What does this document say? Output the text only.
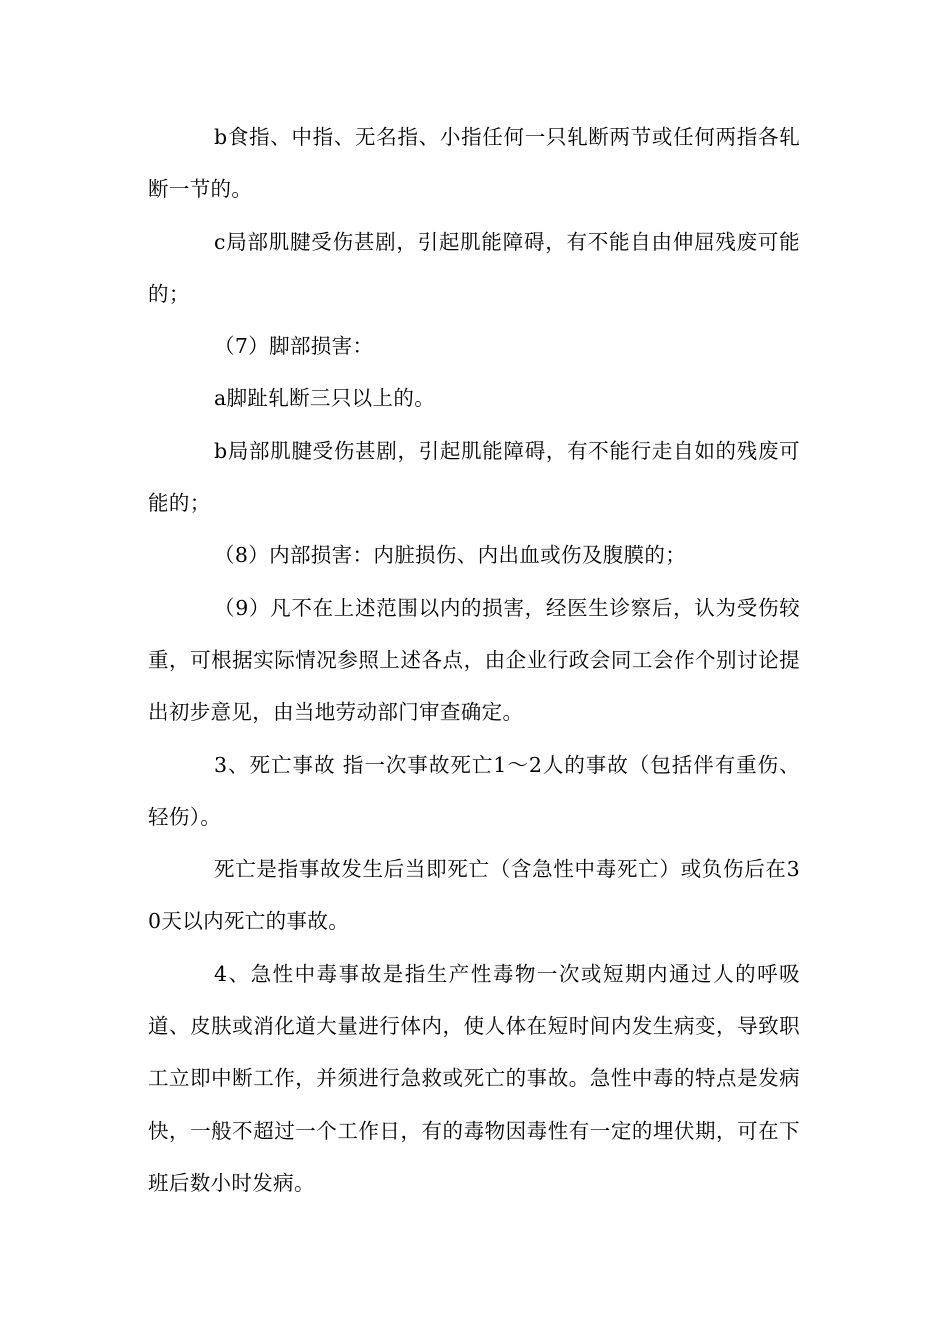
b食指、中指、无名指、小指任何一只轧断两节或任何两指各轧断一节的。

c局部肌腱受伤甚剧，引起肌能障碍，有不能自由伸屈残废可能的；

（7）脚部损害：

a脚趾轧断三只以上的。

b局部肌腱受伤甚剧，引起肌能障碍，有不能行走自如的残废可能的；

（8）内部损害：内脏损伤、内出血或伤及腹膜的；

（9）凡不在上述范围以内的损害，经医生诊察后，认为受伤较重，可根据实际情况参照上述各点，由企业行政会同工会作个别讨论提出初步意见，由当地劳动部门审查确定。

3、死亡事故 指一次事故死亡1～2人的事故（包括伴有重伤、轻伤）。

死亡是指事故发生后当即死亡（含急性中毒死亡）或负伤后在30天以内死亡的事故。

4、急性中毒事故是指生产性毒物一次或短期内通过人的呼吸道、皮肤或消化道大量进行体内，使人体在短时间内发生病变，导致职工立即中断工作，并须进行急救或死亡的事故。急性中毒的特点是发病快，一般不超过一个工作日，有的毒物因毒性有一定的埋伏期，可在下班后数小时发病。
